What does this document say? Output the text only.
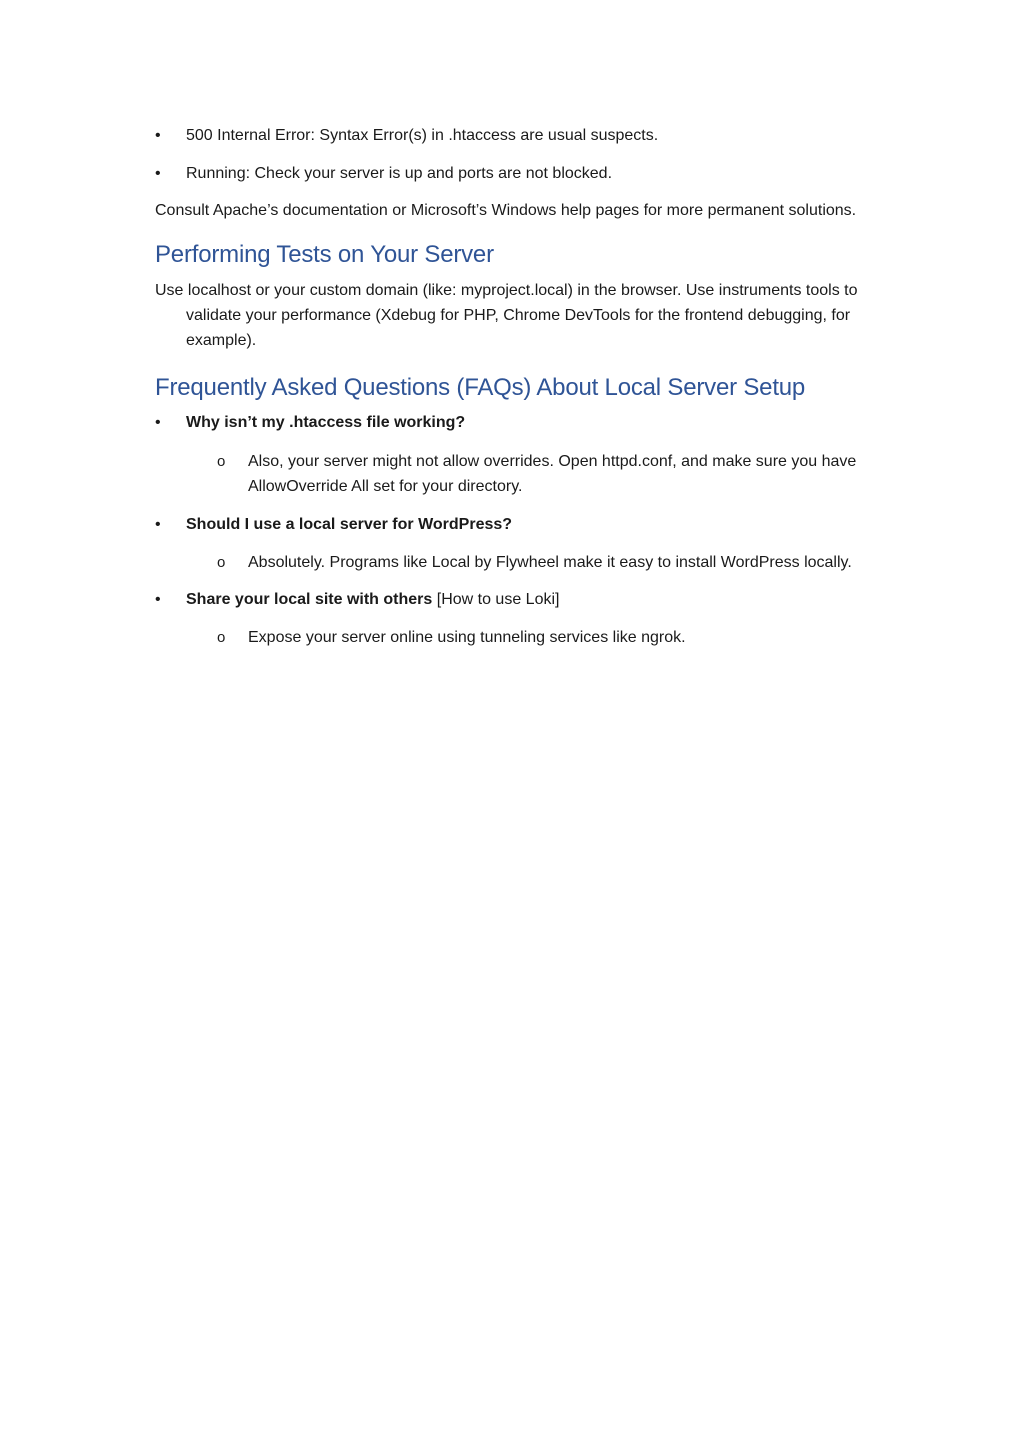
•	500 Internal Error: Syntax Error(s) in .htaccess are usual suspects.
•	Running: Check your server is up and ports are not blocked.

Consult Apache’s documentation or Microsoft’s Windows help pages for more permanent solutions.

Performing Tests on Your Server

Use localhost or your custom domain (like: myproject.local) in the browser. Use instruments tools to validate your performance (Xdebug for PHP, Chrome DevTools for the frontend debugging, for example).

Frequently Asked Questions (FAQs) About Local Server Setup
•	Why isn’t my .htaccess file working?
o Also, your server might not allow overrides. Open httpd.conf, and make sure you have AllowOverride All set for your directory.
•	Should I use a local server for WordPress?
o Absolutely. Programs like Local by Flywheel make it easy to install WordPress locally.
•	Share your local site with others [How to use Loki]
o Expose your server online using tunneling services like ngrok.
